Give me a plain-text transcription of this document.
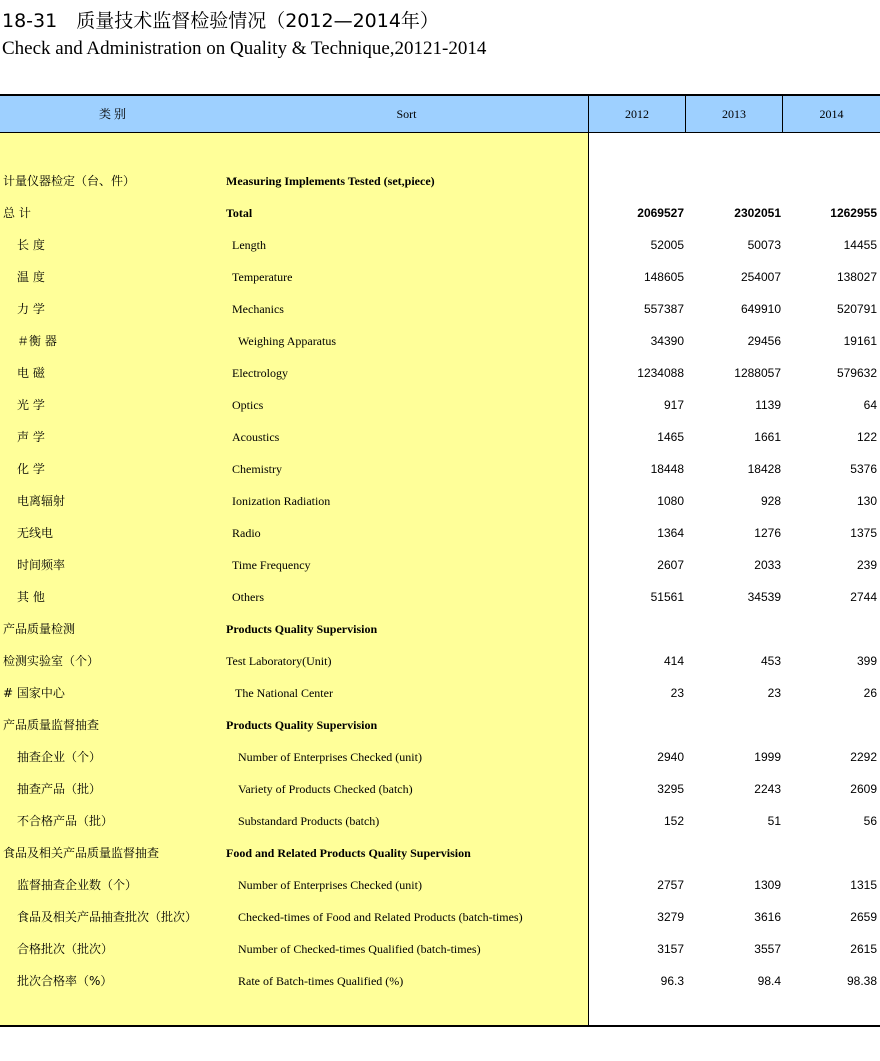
18-31　质量技术监督检验情况（2012—2014年）
Check and Administration on Quality & Technique,20121-2014
类 别	Sort	2012	2013	2014
计量仪器检定（台、件）	Measuring Implements Tested (set,piece)
总 计	Total	2069527	2302051	1262955
长 度	Length	52005	50073	14455
温 度	Temperature	148605	254007	138027
力 学	Mechanics	557387	649910	520791
＃衡 器	Weighing Apparatus	34390	29456	19161
电 磁	Electrology	1234088	1288057	579632
光 学	Optics	917	1139	64
声 学	Acoustics	1465	1661	122
化 学	Chemistry	18448	18428	5376
电离辐射	Ionization Radiation	1080	928	130
无线电	Radio	1364	1276	1375
时间频率	Time Frequency	2607	2033	239
其 他	Others	51561	34539	2744
产品质量检测	Products Quality Supervision
检测实验室（个）	Test Laboratory(Unit)	414	453	399
# 国家中心	The National Center	23	23	26
产品质量监督抽查	Products Quality Supervision
抽查企业（个）	Number of Enterprises Checked (unit)	2940	1999	2292
抽查产品（批）	Variety of Products Checked (batch)	3295	2243	2609
不合格产品（批）	Substandard Products (batch)	152	51	56
食品及相关产品质量监督抽查	Food and Related Products Quality Supervision
监督抽查企业数（个）	Number of Enterprises Checked (unit)	2757	1309	1315
食品及相关产品抽查批次（批次）	Checked-times of Food and Related Products (batch-times)	3279	3616	2659
合格批次（批次）	Number of Checked-times Qualified (batch-times)	3157	3557	2615
批次合格率（%）	Rate of Batch-times Qualified (%)	96.3	98.4	98.38
